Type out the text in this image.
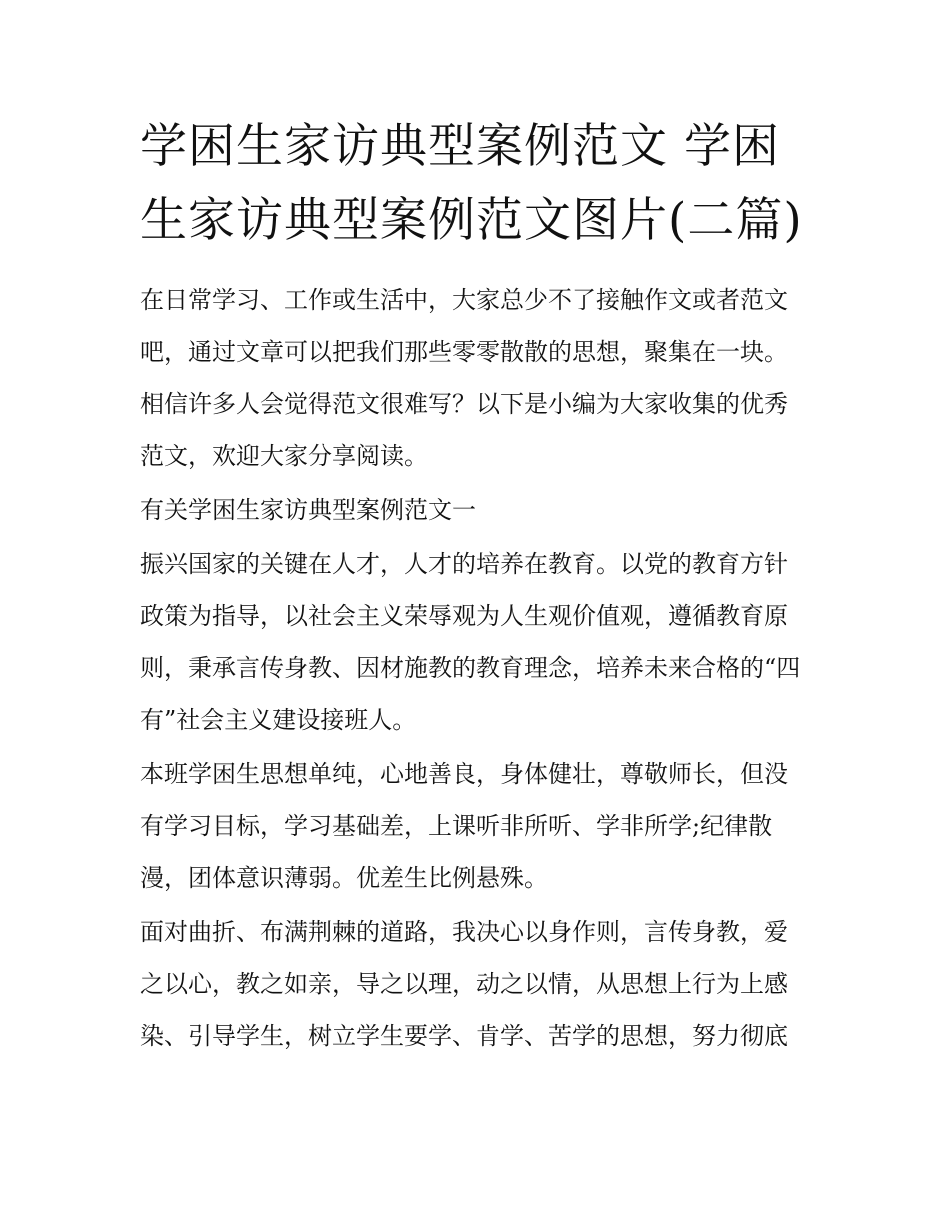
学困生家访典型案例范文 学困生家访典型案例范文图片(二篇)

在日常学习、工作或生活中，大家总少不了接触作文或者范文吧，通过文章可以把我们那些零零散散的思想，聚集在一块。相信许多人会觉得范文很难写？以下是小编为大家收集的优秀范文，欢迎大家分享阅读。

有关学困生家访典型案例范文一

振兴国家的关键在人才，人才的培养在教育。以党的教育方针政策为指导，以社会主义荣辱观为人生观价值观，遵循教育原则，秉承言传身教、因材施教的教育理念，培养未来合格的“四有”社会主义建设接班人。

本班学困生思想单纯，心地善良，身体健壮，尊敬师长，但没有学习目标，学习基础差，上课听非所听、学非所学;纪律散漫，团体意识薄弱。优差生比例悬殊。

面对曲折、布满荆棘的道路，我决心以身作则，言传身教，爱之以心，教之如亲，导之以理，动之以情，从思想上行为上感染、引导学生，树立学生要学、肯学、苦学的思想，努力彻底
